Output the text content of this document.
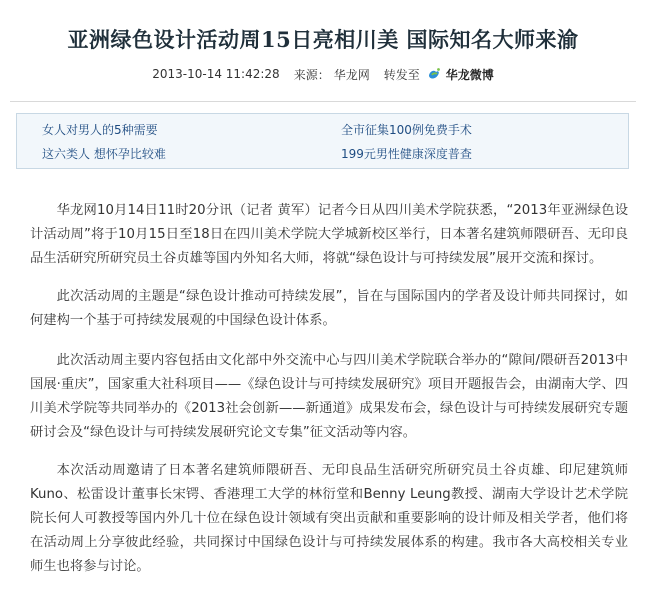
亚洲绿色设计活动周15日亮相川美 国际知名大师来渝
2013-10-14 11:42:28 来源： 华龙网 转发至 华龙微博
女人对男人的5种需要	全市征集100例免费手术
这六类人 想怀孕比较难	199元男性健康深度普查

华龙网10月14日11时20分讯（记者 黄军）记者今日从四川美术学院获悉，“2013年亚洲绿色设计活动周”将于10月15日至18日在四川美术学院大学城新校区举行，日本著名建筑师隈研吾、无印良品生活研究所研究员土谷贞雄等国内外知名大师，将就“绿色设计与可持续发展”展开交流和探讨。

此次活动周的主题是“绿色设计推动可持续发展”，旨在与国际国内的学者及设计师共同探讨，如何建构一个基于可持续发展观的中国绿色设计体系。

此次活动周主要内容包括由文化部中外交流中心与四川美术学院联合举办的“隙间/隈研吾2013中国展·重庆”，国家重大社科项目——《绿色设计与可持续发展研究》项目开题报告会，由湖南大学、四川美术学院等共同举办的《2013社会创新——新通道》成果发布会，绿色设计与可持续发展研究专题研讨会及“绿色设计与可持续发展研究论文专集”征文活动等内容。

本次活动周邀请了日本著名建筑师隈研吾、无印良品生活研究所研究员土谷贞雄、印尼建筑师Kuno、松雷设计董事长宋锷、香港理工大学的林衍堂和Benny Leung教授、湖南大学设计艺术学院院长何人可教授等国内外几十位在绿色设计领域有突出贡献和重要影响的设计师及相关学者，他们将在活动周上分享彼此经验，共同探讨中国绿色设计与可持续发展体系的构建。我市各大高校相关专业师生也将参与讨论。
